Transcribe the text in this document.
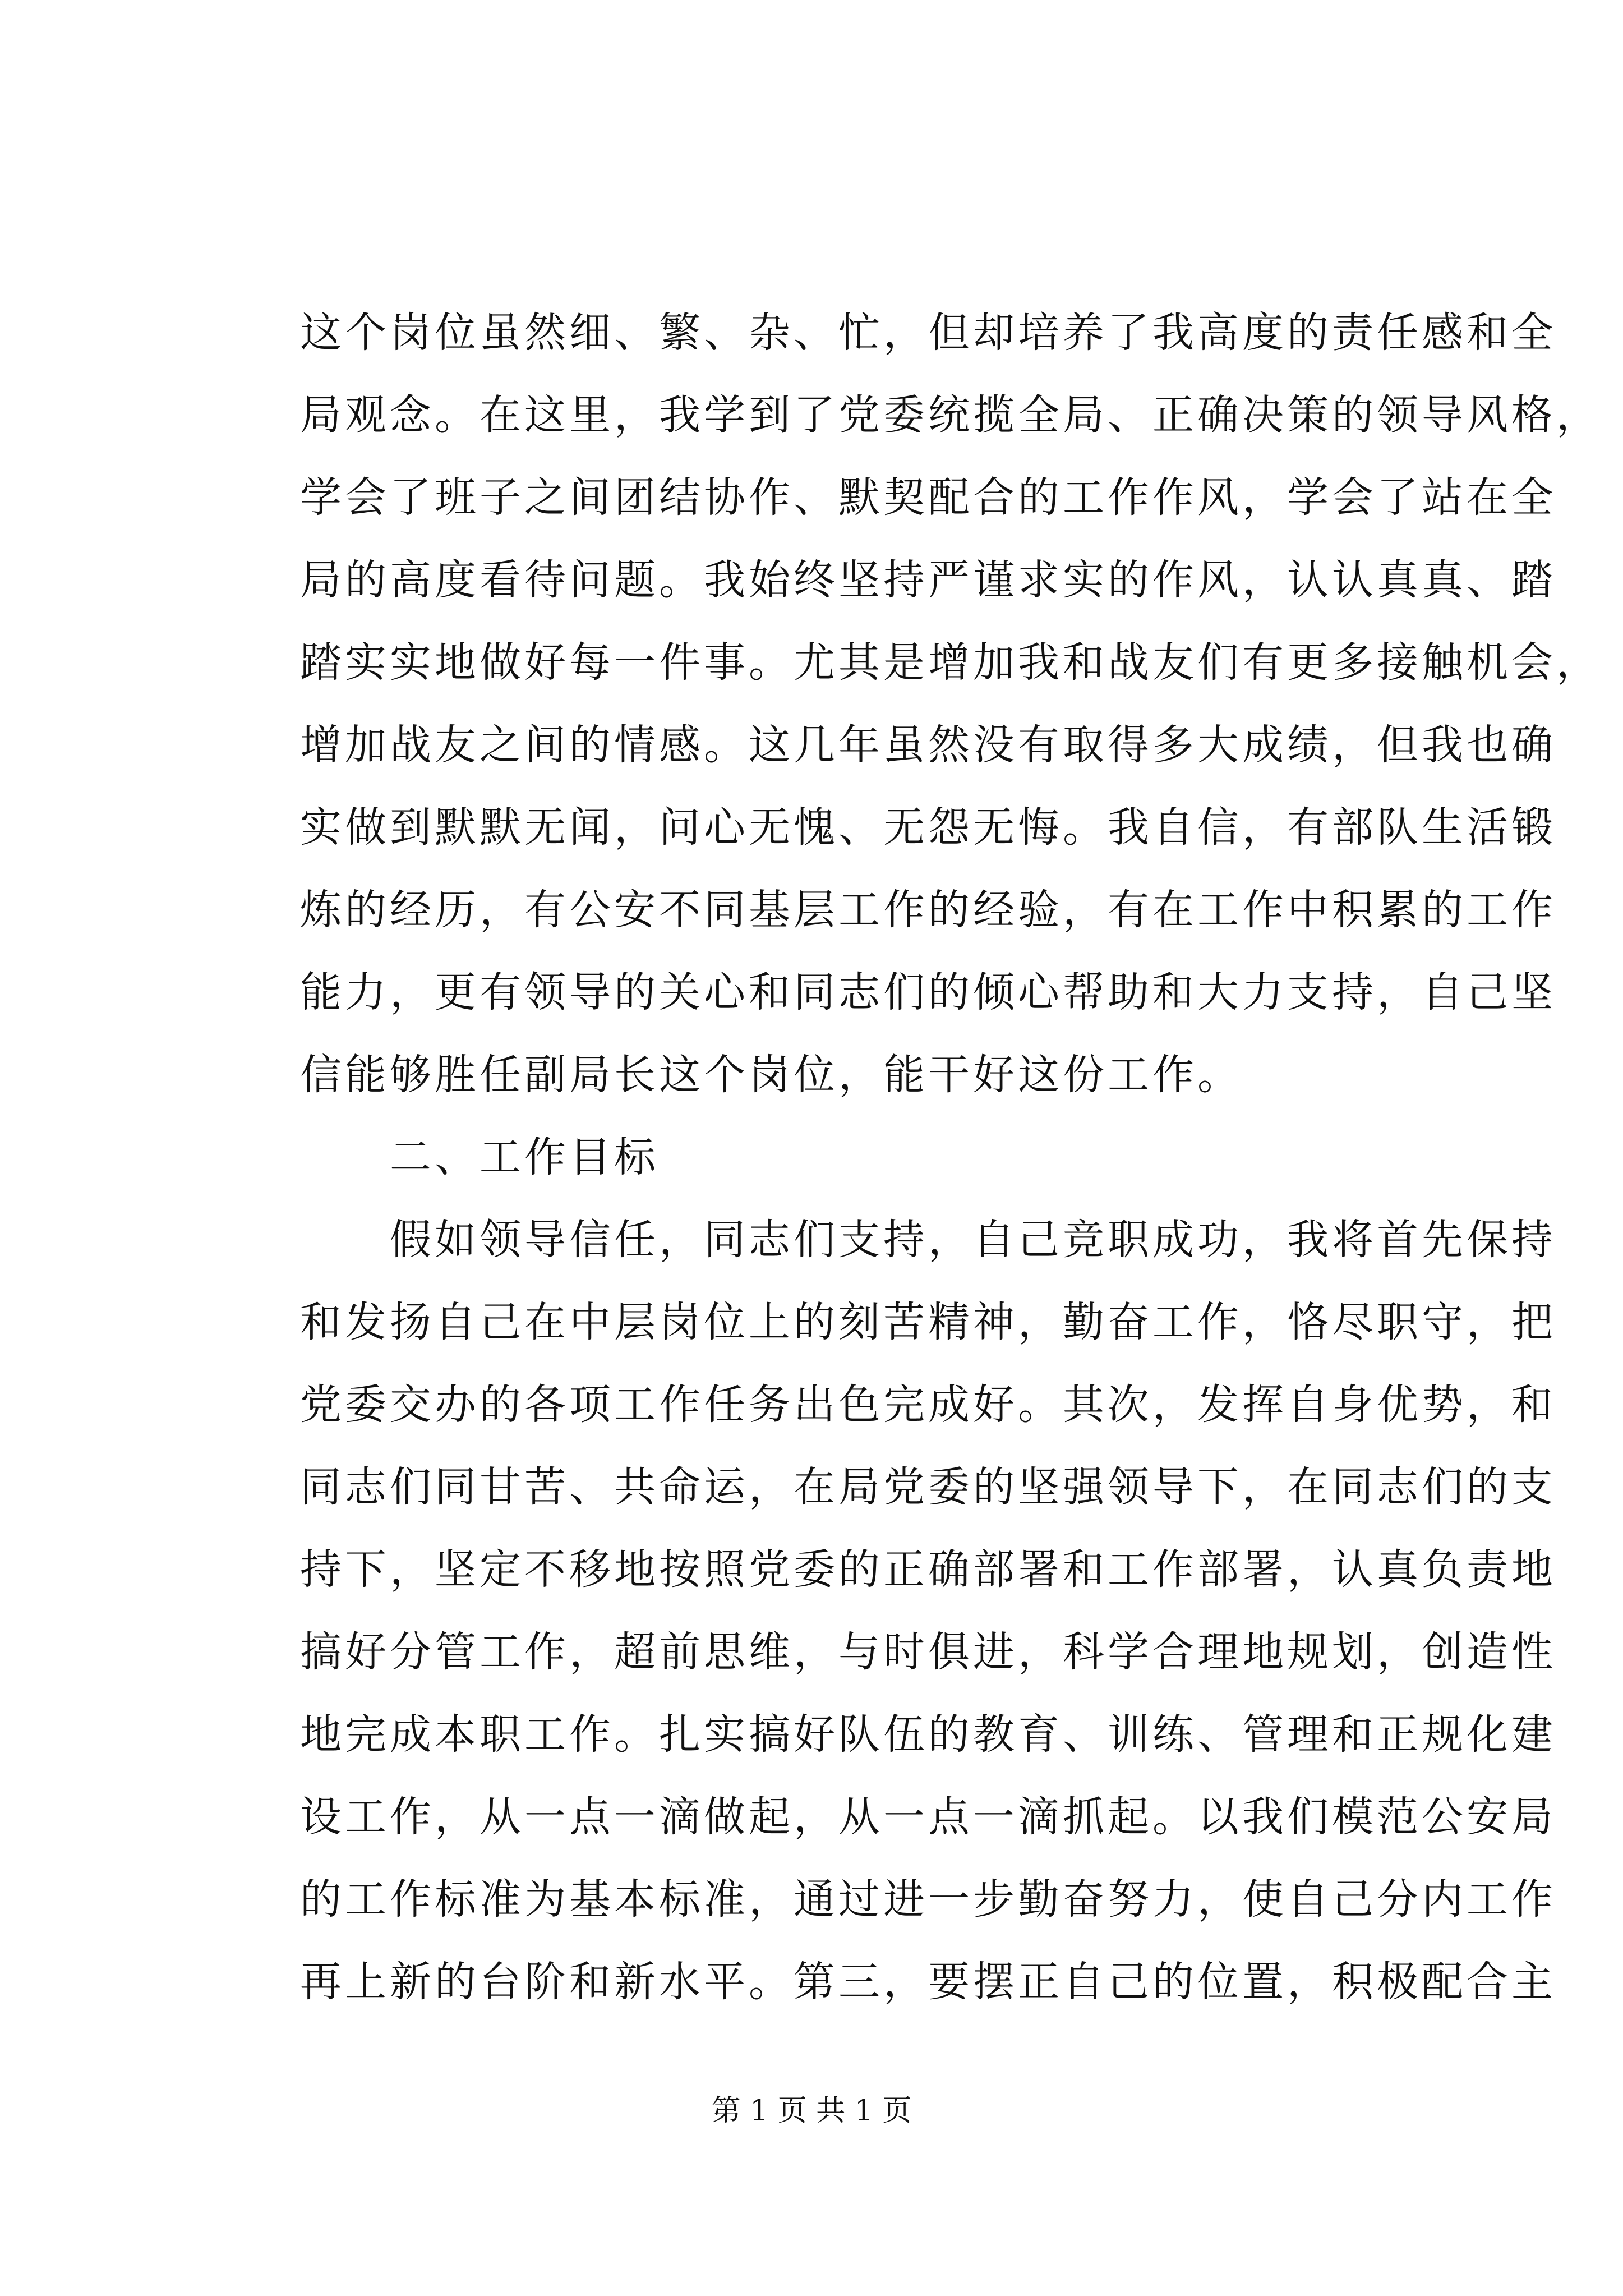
这个岗位虽然细、繁、杂、忙，但却培养了我高度的责任感和全
局观念。在这里，我学到了党委统揽全局、正确决策的领导风格，
学会了班子之间团结协作、默契配合的工作作风，学会了站在全
局的高度看待问题。我始终坚持严谨求实的作风，认认真真、踏
踏实实地做好每一件事。尤其是增加我和战友们有更多接触机会，
增加战友之间的情感。这几年虽然没有取得多大成绩，但我也确
实做到默默无闻，问心无愧、无怨无悔。我自信，有部队生活锻
炼的经历，有公安不同基层工作的经验，有在工作中积累的工作
能力，更有领导的关心和同志们的倾心帮助和大力支持，自己坚
信能够胜任副局长这个岗位，能干好这份工作。
二、工作目标
假如领导信任，同志们支持，自己竞职成功，我将首先保持
和发扬自己在中层岗位上的刻苦精神，勤奋工作，恪尽职守，把
党委交办的各项工作任务出色完成好。其次，发挥自身优势，和
同志们同甘苦、共命运，在局党委的坚强领导下，在同志们的支
持下，坚定不移地按照党委的正确部署和工作部署，认真负责地
搞好分管工作，超前思维，与时俱进，科学合理地规划，创造性
地完成本职工作。扎实搞好队伍的教育、训练、管理和正规化建
设工作，从一点一滴做起，从一点一滴抓起。以我们模范公安局
的工作标准为基本标准，通过进一步勤奋努力，使自己分内工作
再上新的台阶和新水平。第三，要摆正自己的位置，积极配合主
第 1 页 共 1 页
